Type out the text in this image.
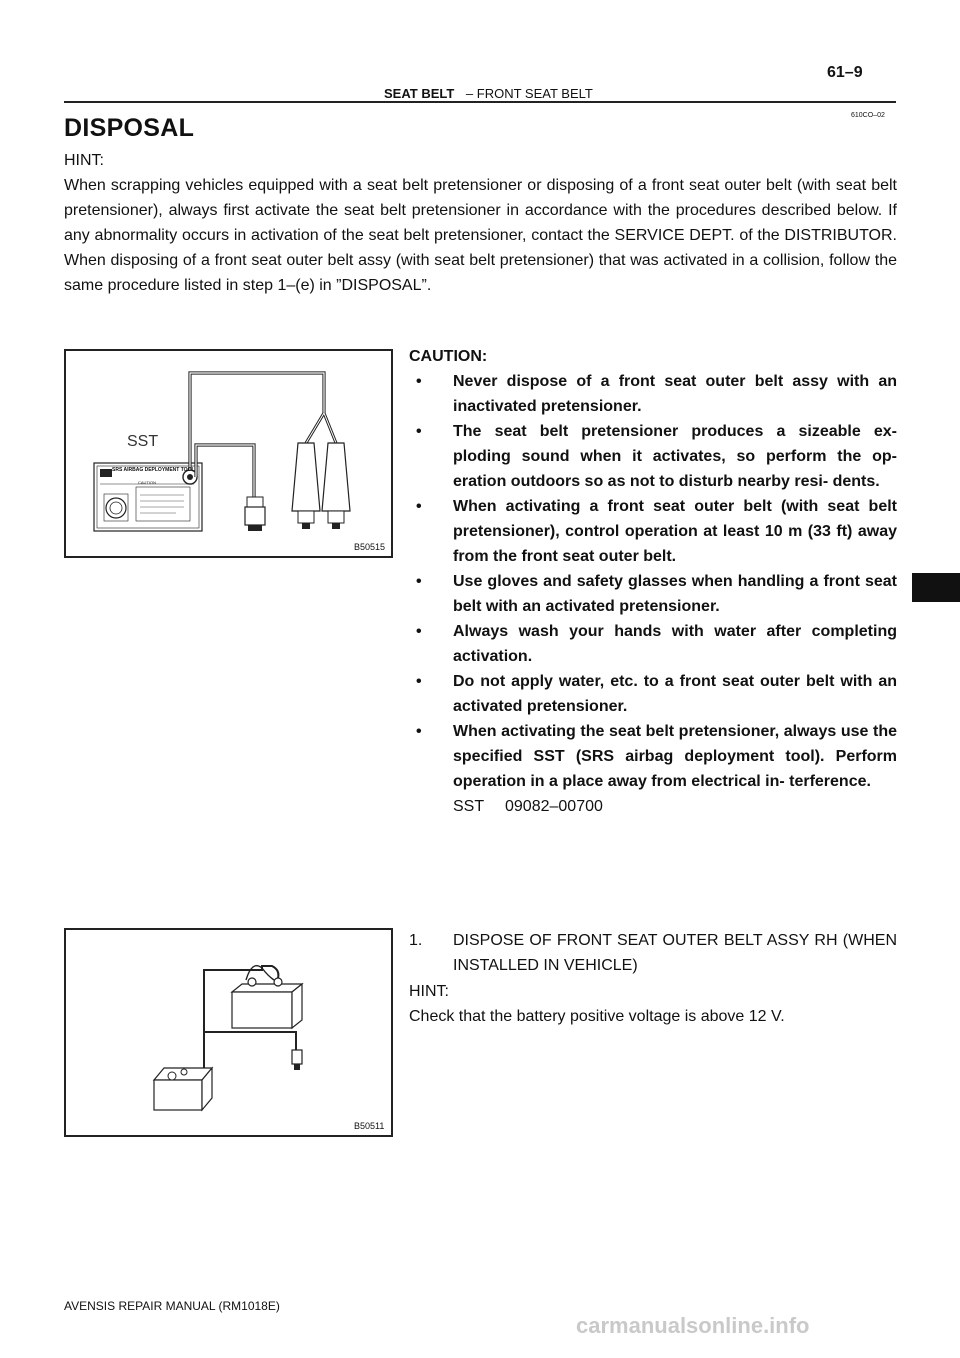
61–9
SEAT BELT – FRONT SEAT BELT
610CO–02
DISPOSAL
HINT:
When scrapping vehicles equipped with a seat belt pretensioner or disposing of a front seat outer belt (with seat belt pretensioner), always first activate the seat belt pretensioner in accordance with the procedures described below. If any abnormality occurs in activation of the seat belt pretensioner, contact the SERVICE DEPT. of the DISTRIBUTOR. When disposing of a front seat outer belt assy (with seat belt pretensioner) that was activated in a collision, follow the same procedure listed in step 1–(e) in ”DISPOSAL”.
SST
SRS AIRBAG DEPLOYMENT TOOL
CAUTION
B50515
CAUTION:
• Never dispose of a front seat outer belt assy with an inactivated pretensioner.
• The seat belt pretensioner produces a sizeable ex- ploding sound when it activates, so perform the op- eration outdoors so as not to disturb nearby resi- dents.
• When activating a front seat outer belt (with seat belt pretensioner), control operation at least 10 m (33 ft) away from the front seat outer belt.
• Use gloves and safety glasses when handling a front seat belt with an activated pretensioner.
• Always wash your hands with water after completing activation.
• Do not apply water, etc. to a front seat outer belt with an activated pretensioner.
• When activating the seat belt pretensioner, always use the specified SST (SRS airbag deployment tool). Perform operation in a place away from electrical in- terference.
SST 09082–00700
B50511
1.	DISPOSE OF FRONT SEAT OUTER BELT ASSY RH (WHEN INSTALLED IN VEHICLE)
HINT:
Check that the battery positive voltage is above 12 V.
AVENSIS REPAIR MANUAL (RM1018E)
carmanualsonline.info
